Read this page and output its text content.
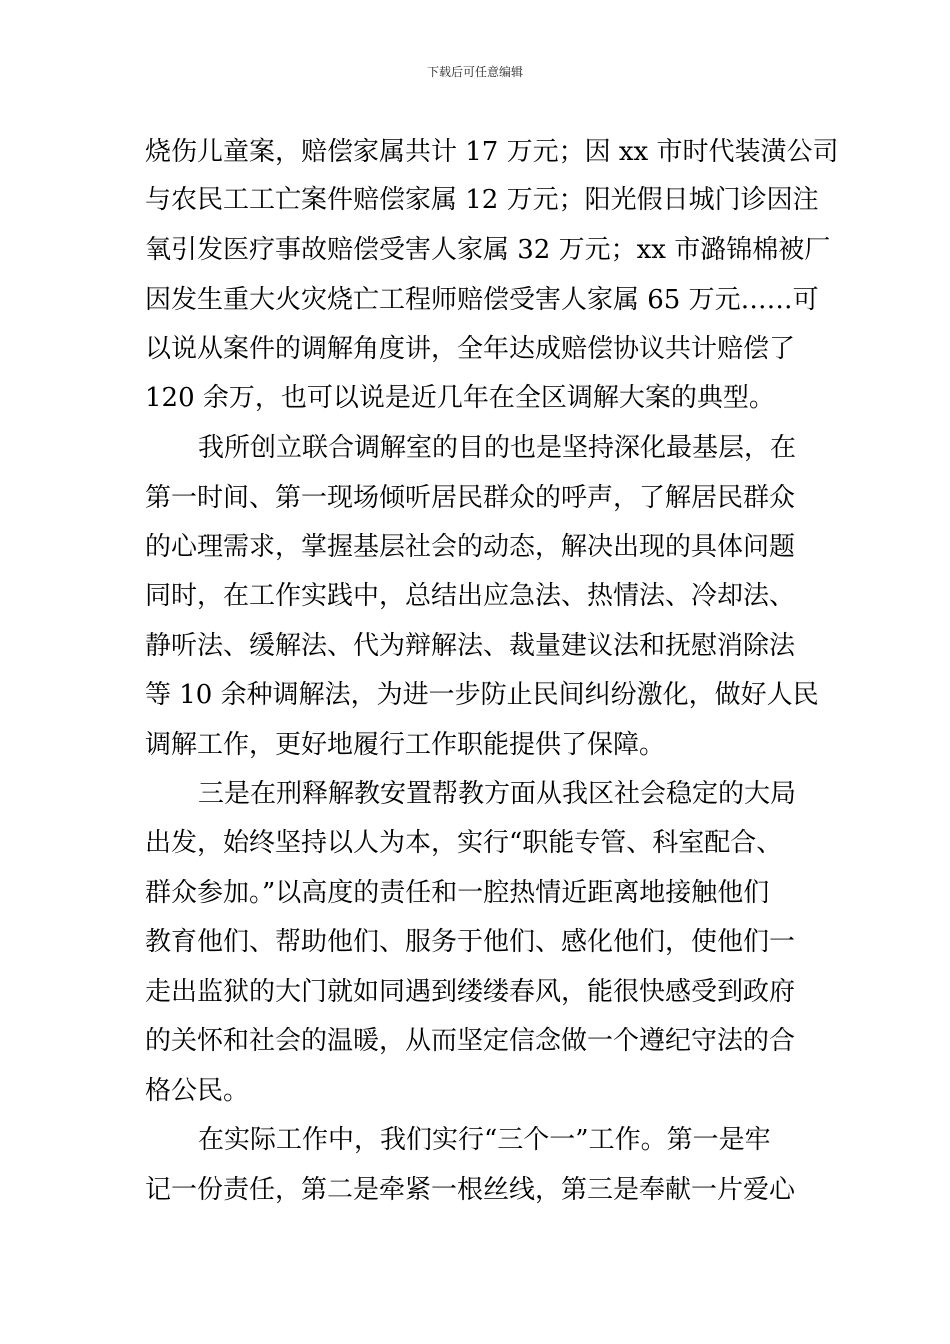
下载后可任意编辑
烧伤儿童案，赔偿家属共计 17 万元；因 xx 市时代装潢公司
与农民工工亡案件赔偿家属 12 万元；阳光假日城门诊因注
氧引发医疗事故赔偿受害人家属 32 万元；xx 市潞锦棉被厂
因发生重大火灾烧亡工程师赔偿受害人家属 65 万元……可
以说从案件的调解角度讲，全年达成赔偿协议共计赔偿了
120 余万，也可以说是近几年在全区调解大案的典型。
我所创立联合调解室的目的也是坚持深化最基层，在
第一时间、第一现场倾听居民群众的呼声，了解居民群众
的心理需求，掌握基层社会的动态，解决出现的具体问题
同时，在工作实践中，总结出应急法、热情法、冷却法、
静听法、缓解法、代为辩解法、裁量建议法和抚慰消除法
等 10 余种调解法，为进一步防止民间纠纷激化，做好人民
调解工作，更好地履行工作职能提供了保障。
三是在刑释解教安置帮教方面从我区社会稳定的大局
出发，始终坚持以人为本，实行“职能专管、科室配合、
群众参加。”以高度的责任和一腔热情近距离地接触他们
教育他们、帮助他们、服务于他们、感化他们，使他们一
走出监狱的大门就如同遇到缕缕春风，能很快感受到政府
的关怀和社会的温暖，从而坚定信念做一个遵纪守法的合
格公民。
在实际工作中，我们实行“三个一”工作。第一是牢
记一份责任，第二是牵紧一根丝线，第三是奉献一片爱心
